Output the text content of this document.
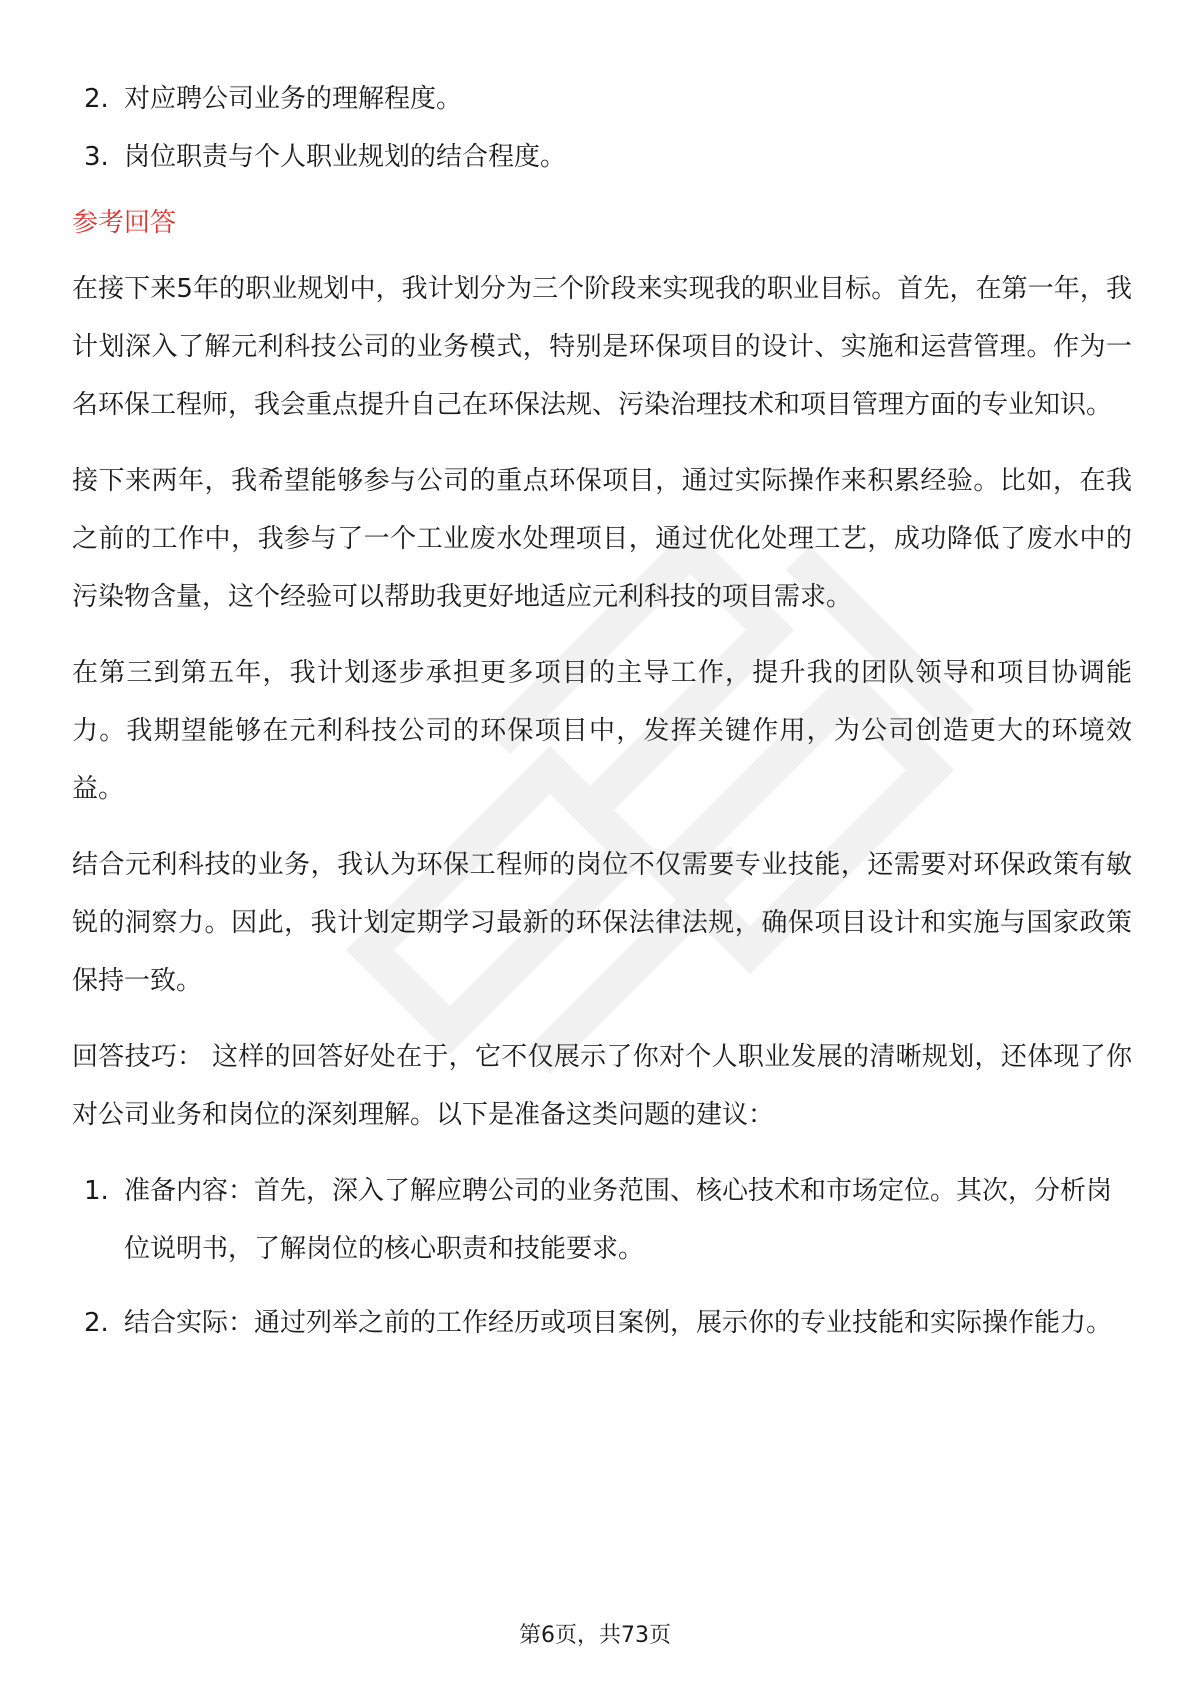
2. 对应聘公司业务的理解程度。
3. 岗位职责与个人职业规划的结合程度。
参考回答

在接下来5年的职业规划中，我计划分为三个阶段来实现我的职业目标。首先，在第一年，我计划深入了解元利科技公司的业务模式，特别是环保项目的设计、实施和运营管理。作为一名环保工程师，我会重点提升自己在环保法规、污染治理技术和项目管理方面的专业知识。

接下来两年，我希望能够参与公司的重点环保项目，通过实际操作来积累经验。比如，在我之前的工作中，我参与了一个工业废水处理项目，通过优化处理工艺，成功降低了废水中的污染物含量，这个经验可以帮助我更好地适应元利科技的项目需求。

在第三到第五年，我计划逐步承担更多项目的主导工作，提升我的团队领导和项目协调能力。我期望能够在元利科技公司的环保项目中，发挥关键作用，为公司创造更大的环境效益。

结合元利科技的业务，我认为环保工程师的岗位不仅需要专业技能，还需要对环保政策有敏锐的洞察力。因此，我计划定期学习最新的环保法律法规，确保项目设计和实施与国家政策保持一致。

回答技巧： 这样的回答好处在于，它不仅展示了你对个人职业发展的清晰规划，还体现了你对公司业务和岗位的深刻理解。以下是准备这类问题的建议：

1. 准备内容：首先，深入了解应聘公司的业务范围、核心技术和市场定位。其次，分析岗位说明书，了解岗位的核心职责和技能要求。
2. 结合实际：通过列举之前的工作经历或项目案例，展示你的专业技能和实际操作能力。
第6页，共73页
